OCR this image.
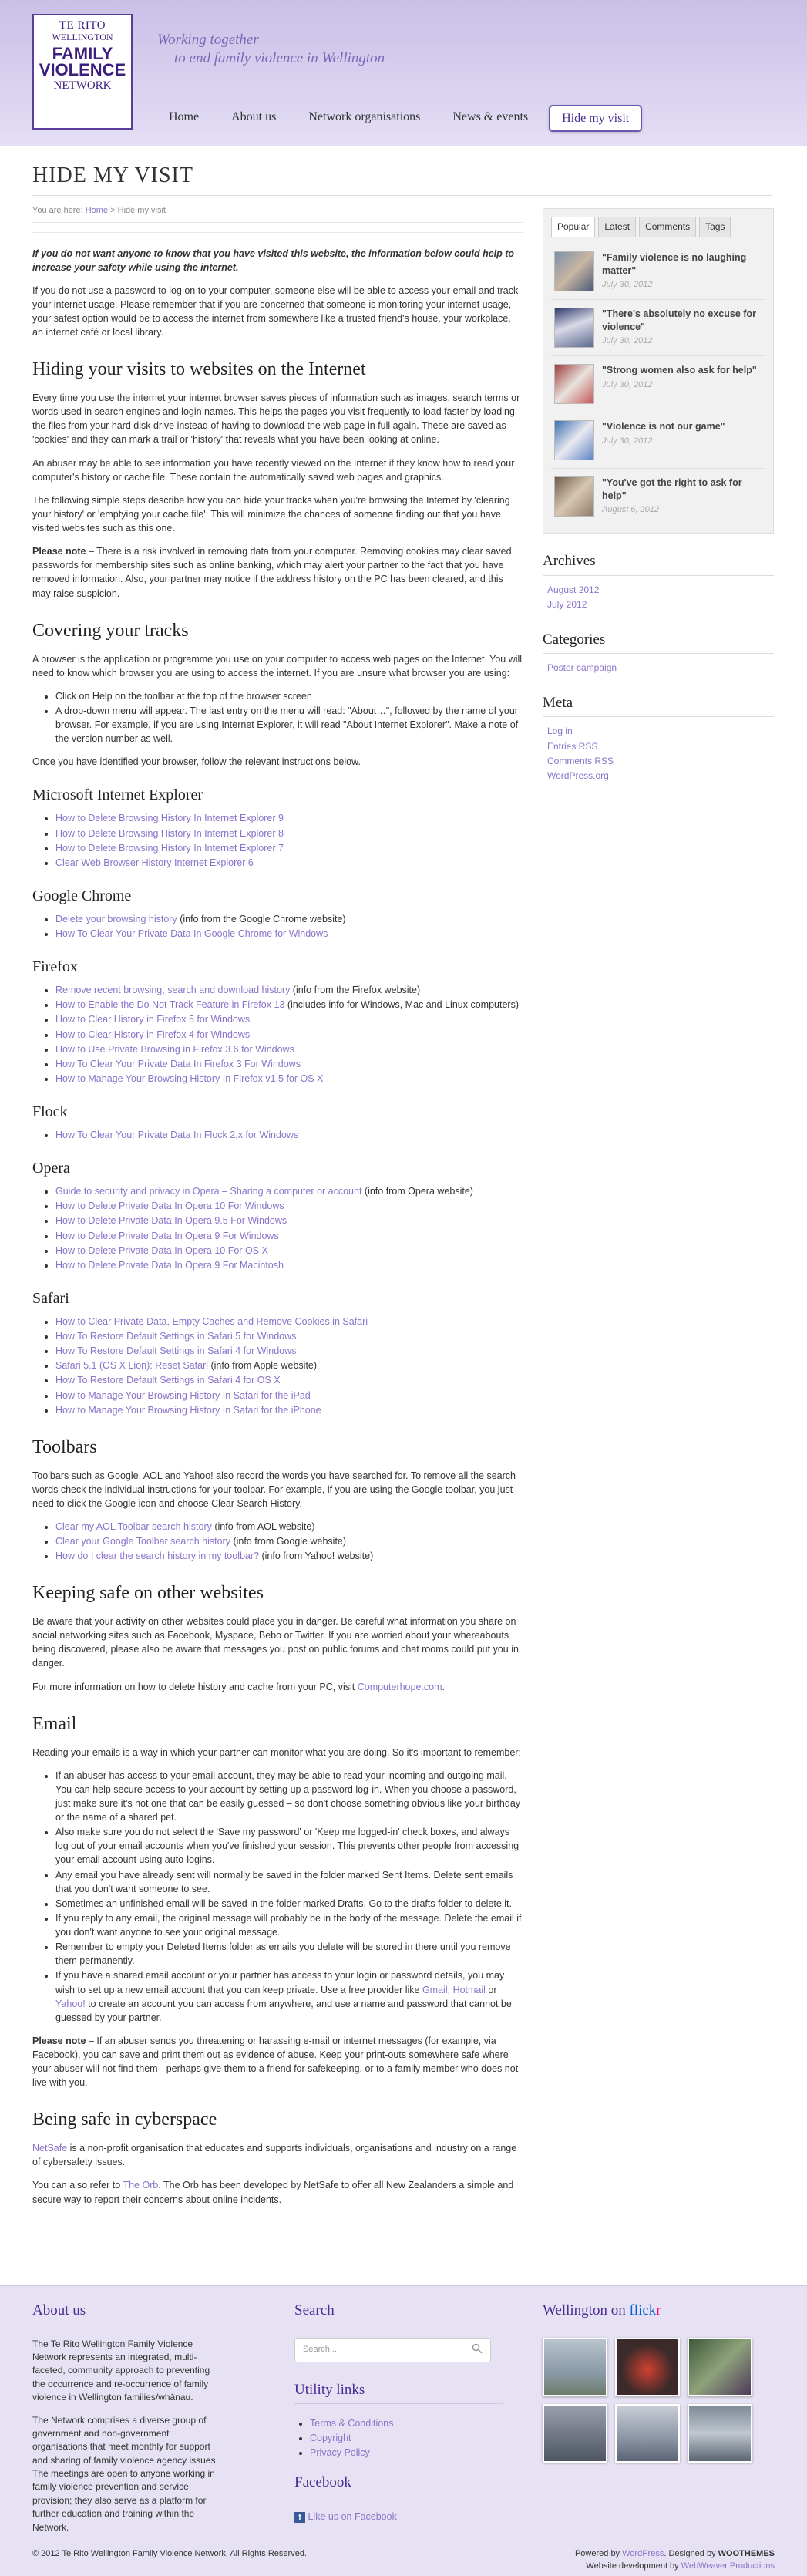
TE RITO
WELLINGTON
FAMILY
VIOLENCE
NETWORK
Working together
to end family violence in Wellington
Home	About us	Network organisations	News & events	Hide my visit
HIDE MY VISIT
You are here: Home > Hide my visit

If you do not want anyone to know that you have visited this website, the information below could help to increase your safety while using the internet.

If you do not use a password to log on to your computer, someone else will be able to access your email and track your internet usage. Please remember that if you are concerned that someone is monitoring your internet usage, your safest option would be to access the internet from somewhere like a trusted friend's house, your workplace, an internet café or local library.

Hiding your visits to websites on the Internet

Every time you use the internet your internet browser saves pieces of information such as images, search terms or words used in search engines and login names. This helps the pages you visit frequently to load faster by loading the files from your hard disk drive instead of having to download the web page in full again. These are saved as 'cookies' and they can mark a trail or 'history' that reveals what you have been looking at online.

An abuser may be able to see information you have recently viewed on the Internet if they know how to read your computer's history or cache file. These contain the automatically saved web pages and graphics.

The following simple steps describe how you can hide your tracks when you're browsing the Internet by 'clearing your history' or 'emptying your cache file'. This will minimize the chances of someone finding out that you have visited websites such as this one.

Please note – There is a risk involved in removing data from your computer. Removing cookies may clear saved passwords for membership sites such as online banking, which may alert your partner to the fact that you have removed information. Also, your partner may notice if the address history on the PC has been cleared, and this may raise suspicion.

Covering your tracks

A browser is the application or programme you use on your computer to access web pages on the Internet. You will need to know which browser you are using to access the internet. If you are unsure what browser you are using:

• Click on Help on the toolbar at the top of the browser screen
• A drop-down menu will appear. The last entry on the menu will read: "About…", followed by the name of your browser. For example, if you are using Internet Explorer, it will read "About Internet Explorer". Make a note of the version number as well.

Once you have identified your browser, follow the relevant instructions below.

Microsoft Internet Explorer
• How to Delete Browsing History In Internet Explorer 9
• How to Delete Browsing History In Internet Explorer 8
• How to Delete Browsing History In Internet Explorer 7
• Clear Web Browser History Internet Explorer 6
Google Chrome
• Delete your browsing history (info from the Google Chrome website)
• How To Clear Your Private Data In Google Chrome for Windows
Firefox
• Remove recent browsing, search and download history (info from the Firefox website)
• How to Enable the Do Not Track Feature in Firefox 13 (includes info for Windows, Mac and Linux computers)
• How to Clear History in Firefox 5 for Windows
• How to Clear History in Firefox 4 for Windows
• How to Use Private Browsing in Firefox 3.6 for Windows
• How To Clear Your Private Data In Firefox 3 For Windows
• How to Manage Your Browsing History In Firefox v1.5 for OS X
Flock
• How To Clear Your Private Data In Flock 2.x for Windows
Opera
• Guide to security and privacy in Opera – Sharing a computer or account (info from Opera website)
• How to Delete Private Data In Opera 10 For Windows
• How to Delete Private Data In Opera 9.5 For Windows
• How to Delete Private Data In Opera 9 For Windows
• How to Delete Private Data In Opera 10 For OS X
• How to Delete Private Data In Opera 9 For Macintosh
Safari
• How to Clear Private Data, Empty Caches and Remove Cookies in Safari
• How To Restore Default Settings in Safari 5 for Windows
• How To Restore Default Settings in Safari 4 for Windows
• Safari 5.1 (OS X Lion): Reset Safari (info from Apple website)
• How To Restore Default Settings in Safari 4 for OS X
• How to Manage Your Browsing History In Safari for the iPad
• How to Manage Your Browsing History In Safari for the iPhone
Toolbars

Toolbars such as Google, AOL and Yahoo! also record the words you have searched for. To remove all the search words check the individual instructions for your toolbar. For example, if you are using the Google toolbar, you just need to click the Google icon and choose Clear Search History.

• Clear my AOL Toolbar search history (info from AOL website)
• Clear your Google Toolbar search history (info from Google website)
• How do I clear the search history in my toolbar? (info from Yahoo! website)
Keeping safe on other websites

Be aware that your activity on other websites could place you in danger. Be careful what information you share on social networking sites such as Facebook, Myspace, Bebo or Twitter. If you are worried about your whereabouts being discovered, please also be aware that messages you post on public forums and chat rooms could put you in danger.

For more information on how to delete history and cache from your PC, visit Computerhope.com.

Email

Reading your emails is a way in which your partner can monitor what you are doing. So it's important to remember:

• If an abuser has access to your email account, they may be able to read your incoming and outgoing mail. You can help secure access to your account by setting up a password log-in. When you choose a password, just make sure it's not one that can be easily guessed – so don't choose something obvious like your birthday or the name of a shared pet.
• Also make sure you do not select the 'Save my password' or 'Keep me logged-in' check boxes, and always log out of your email accounts when you've finished your session. This prevents other people from accessing your email account using auto-logins.
• Any email you have already sent will normally be saved in the folder marked Sent Items. Delete sent emails that you don't want someone to see.
• Sometimes an unfinished email will be saved in the folder marked Drafts. Go to the drafts folder to delete it.
• If you reply to any email, the original message will probably be in the body of the message. Delete the email if you don't want anyone to see your original message.
• Remember to empty your Deleted Items folder as emails you delete will be stored in there until you remove them permanently.
• If you have a shared email account or your partner has access to your login or password details, you may wish to set up a new email account that you can keep private. Use a free provider like Gmail, Hotmail or Yahoo! to create an account you can access from anywhere, and use a name and password that cannot be guessed by your partner.

Please note – If an abuser sends you threatening or harassing e-mail or internet messages (for example, via Facebook), you can save and print them out as evidence of abuse. Keep your print-outs somewhere safe where your abuser will not find them - perhaps give them to a friend for safekeeping, or to a family member who does not live with you.

Being safe in cyberspace

NetSafe is a non-profit organisation that educates and supports individuals, organisations and industry on a range of cybersafety issues.

You can also refer to The Orb. The Orb has been developed by NetSafe to offer all New Zealanders a simple and secure way to report their concerns about online incidents.

Popular	Latest	Comments	Tags
"Family violence is no laughing matter"
July 30, 2012
"There's absolutely no excuse for violence"
July 30, 2012
"Strong women also ask for help"
July 30, 2012
"Violence is not our game"
July 30, 2012
"You've got the right to ask for help"
August 6, 2012
Archives
August 2012
July 2012
Categories
Poster campaign
Meta
Log in
Entries RSS
Comments RSS
WordPress.org
About us

The Te Rito Wellington Family Violence Network represents an integrated, multi-faceted, community approach to preventing the occurrence and re-occurrence of family violence in Wellington families/whānau.

The Network comprises a diverse group of government and non-government organisations that meet monthly for support and sharing of family violence agency issues. The meetings are open to anyone working in family violence prevention and service provision; they also serve as a platform for further education and training within the Network.

Search
Search...
Utility links
• Terms & Conditions
• Copyright
• Privacy Policy
Facebook
f Like us on Facebook
Wellington on flickr
© 2012 Te Rito Wellington Family Violence Network. All Rights Reserved.	Powered by WordPress. Designed by WOOTHEMES
Website development by WebWeaver Productions
